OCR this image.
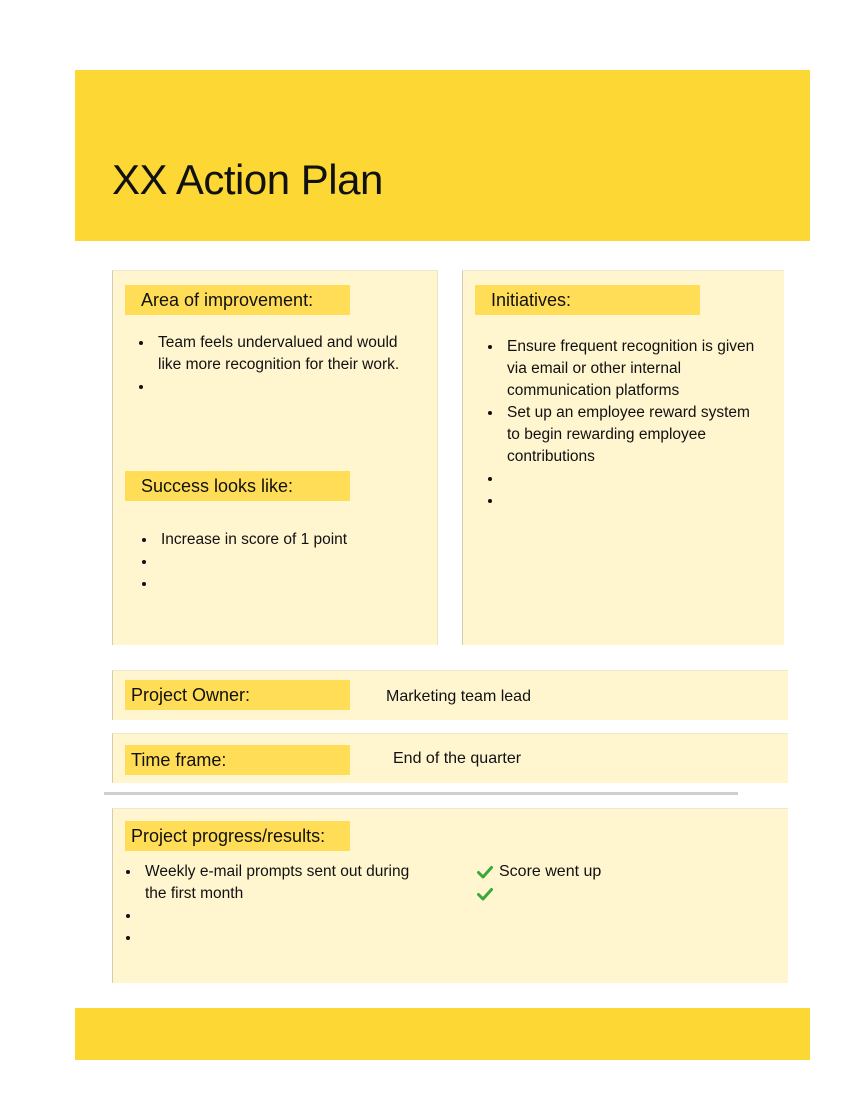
XX Action Plan
Area of improvement:
Team feels undervalued and would like more recognition for their work.
Success looks like:
Increase in score of 1 point
Initiatives:
Ensure frequent recognition is given via email or other internal communication platforms
Set up an employee reward system to begin rewarding employee contributions
Project Owner:	Marketing team lead
Time frame:	End of the quarter
Project progress/results:
Weekly e-mail prompts sent out during the first month
Score went up
